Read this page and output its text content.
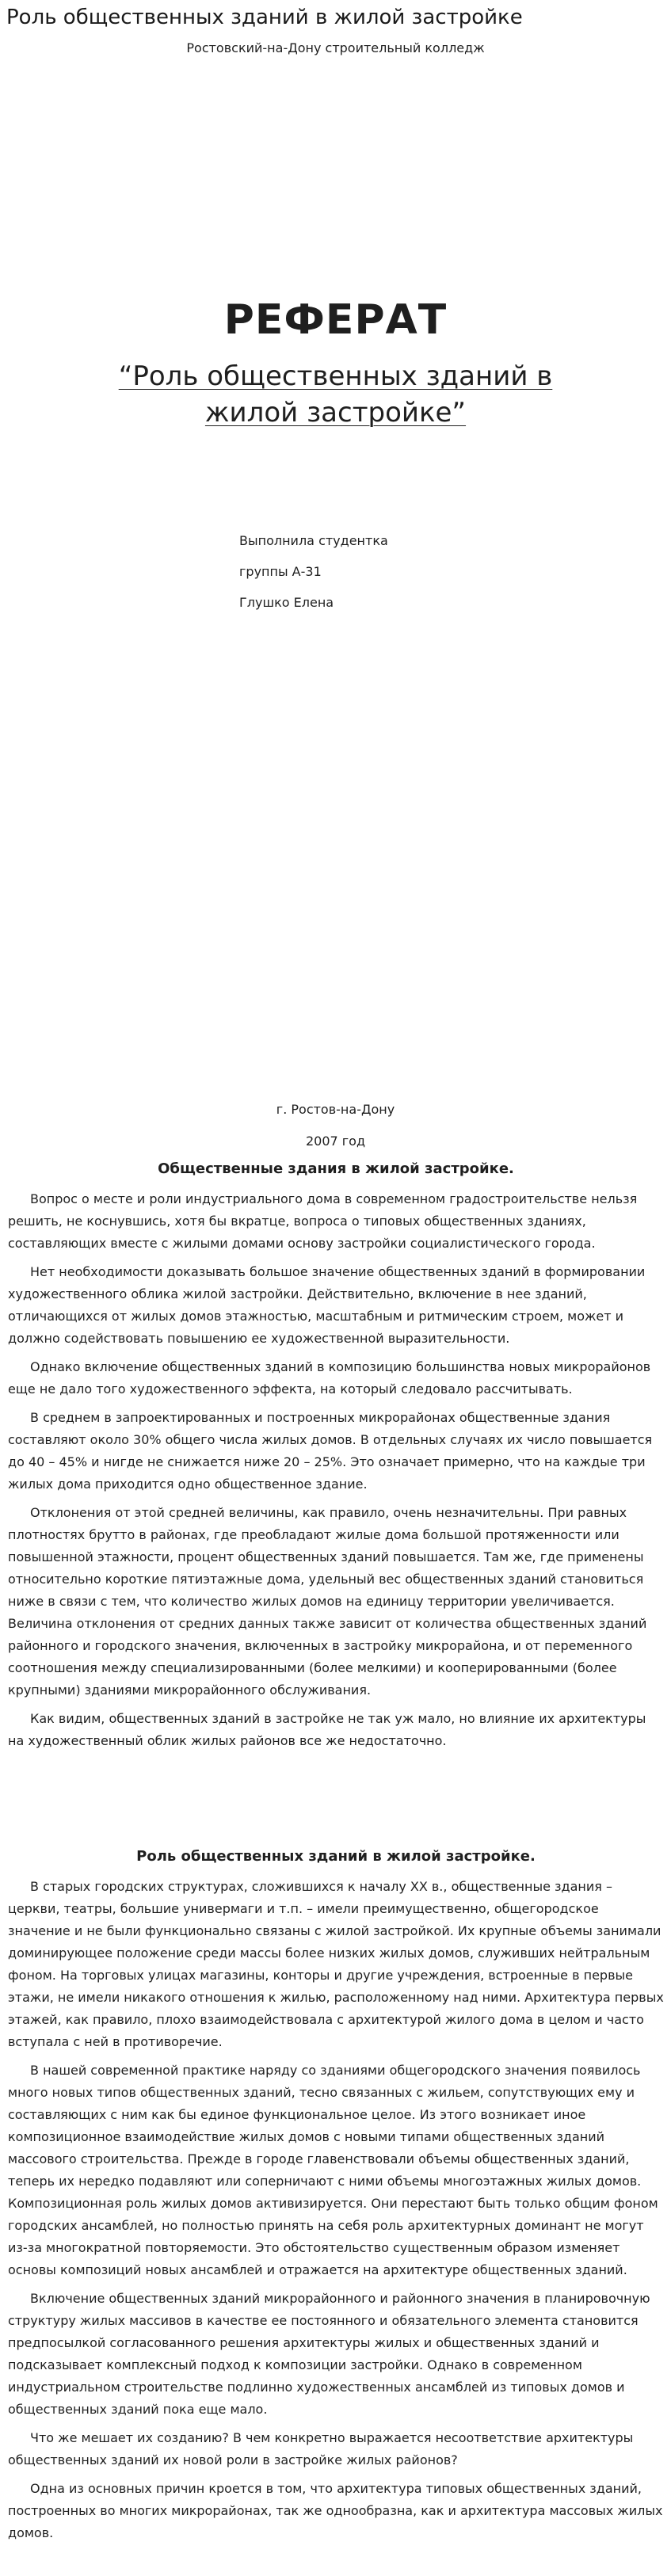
Роль общественных зданий в жилой застройке

Ростовский-на-Дону строительный колледж

РЕФЕРАТ

“Роль общественных зданий в жилой застройке”

Выполнила студентка
группы А-31
Глушко Елена
г. Ростов-на-Дону
2007 год
Общественные здания в жилой застройке.

Вопрос о месте и роли индустриального дома в современном градостроительстве нельзя решить, не коснувшись, хотя бы вкратце, вопроса о типовых общественных зданиях, составляющих вместе с жилыми домами основу застройки социалистического города.

Нет необходимости доказывать большое значение общественных зданий в формировании художественного облика жилой застройки. Действительно, включение в нее зданий, отличающихся от жилых домов этажностью, масштабным и ритмическим строем, может и должно содействовать повышению ее художественной выразительности.

Однако включение общественных зданий в композицию большинства новых микрорайонов еще не дало того художественного эффекта, на который следовало рассчитывать.

В среднем в запроектированных и построенных микрорайонах общественные здания составляют около 30% общего числа жилых домов. В отдельных случаях их число повышается до 40 – 45% и нигде не снижается ниже 20 – 25%. Это означает примерно, что на каждые три жилых дома приходится одно общественное здание.

Отклонения от этой средней величины, как правило, очень незначительны. При равных плотностях брутто в районах, где преобладают жилые дома большой протяженности или повышенной этажности, процент общественных зданий повышается. Там же, где применены относительно короткие пятиэтажные дома, удельный вес общественных зданий становиться ниже в связи с тем, что количество жилых домов на единицу территории увеличивается. Величина отклонения от средних данных также зависит от количества общественных зданий районного и городского значения, включенных в застройку микрорайона, и от переменного соотношения между специализированными (более мелкими) и кооперированными (более крупными) зданиями микрорайонного обслуживания.

Как видим, общественных зданий в застройке не так уж мало, но влияние их архитектуры на художественный облик жилых районов все же недостаточно.

Роль общественных зданий в жилой застройке.

В старых городских структурах, сложившихся к началу XX в., общественные здания – церкви, театры, большие универмаги и т.п. – имели преимущественно, общегородское значение и не были функционально связаны с жилой застройкой. Их крупные объемы занимали доминирующее положение среди массы более низких жилых домов, служивших нейтральным фоном. На торговых улицах магазины, конторы и другие учреждения, встроенные в первые этажи, не имели никакого отношения к жилью, расположенному над ними. Архитектура первых этажей, как правило, плохо взаимодействовала с архитектурой жилого дома в целом и часто вступала с ней в противоречие.

В нашей современной практике наряду со зданиями общегородского значения появилось много новых типов общественных зданий, тесно связанных с жильем, сопутствующих ему и составляющих с ним как бы единое функциональное целое. Из этого возникает иное композиционное взаимодействие жилых домов с новыми типами общественных зданий массового строительства. Прежде в городе главенствовали объемы общественных зданий, теперь их нередко подавляют или соперничают с ними объемы многоэтажных жилых домов. Композиционная роль жилых домов активизируется. Они перестают быть только общим фоном городских ансамблей, но полностью принять на себя роль архитектурных доминант не могут из-за многократной повторяемости. Это обстоятельство существенным образом изменяет основы композиций новых ансамблей и отражается на архитектуре общественных зданий.

Включение общественных зданий микрорайонного и районного значения в планировочную структуру жилых массивов в качестве ее постоянного и обязательного элемента становится предпосылкой согласованного решения архитектуры жилых и общественных зданий и подсказывает комплексный подход к композиции застройки. Однако в современном индустриальном строительстве подлинно художественных ансамблей из типовых домов и общественных зданий пока еще мало.

Что же мешает их созданию? В чем конкретно выражается несоответствие архитектуры общественных зданий их новой роли в застройке жилых районов?

Одна из основных причин кроется в том, что архитектура типовых общественных зданий, построенных во многих микрорайонах, так же однообразна, как и архитектура массовых жилых домов.
